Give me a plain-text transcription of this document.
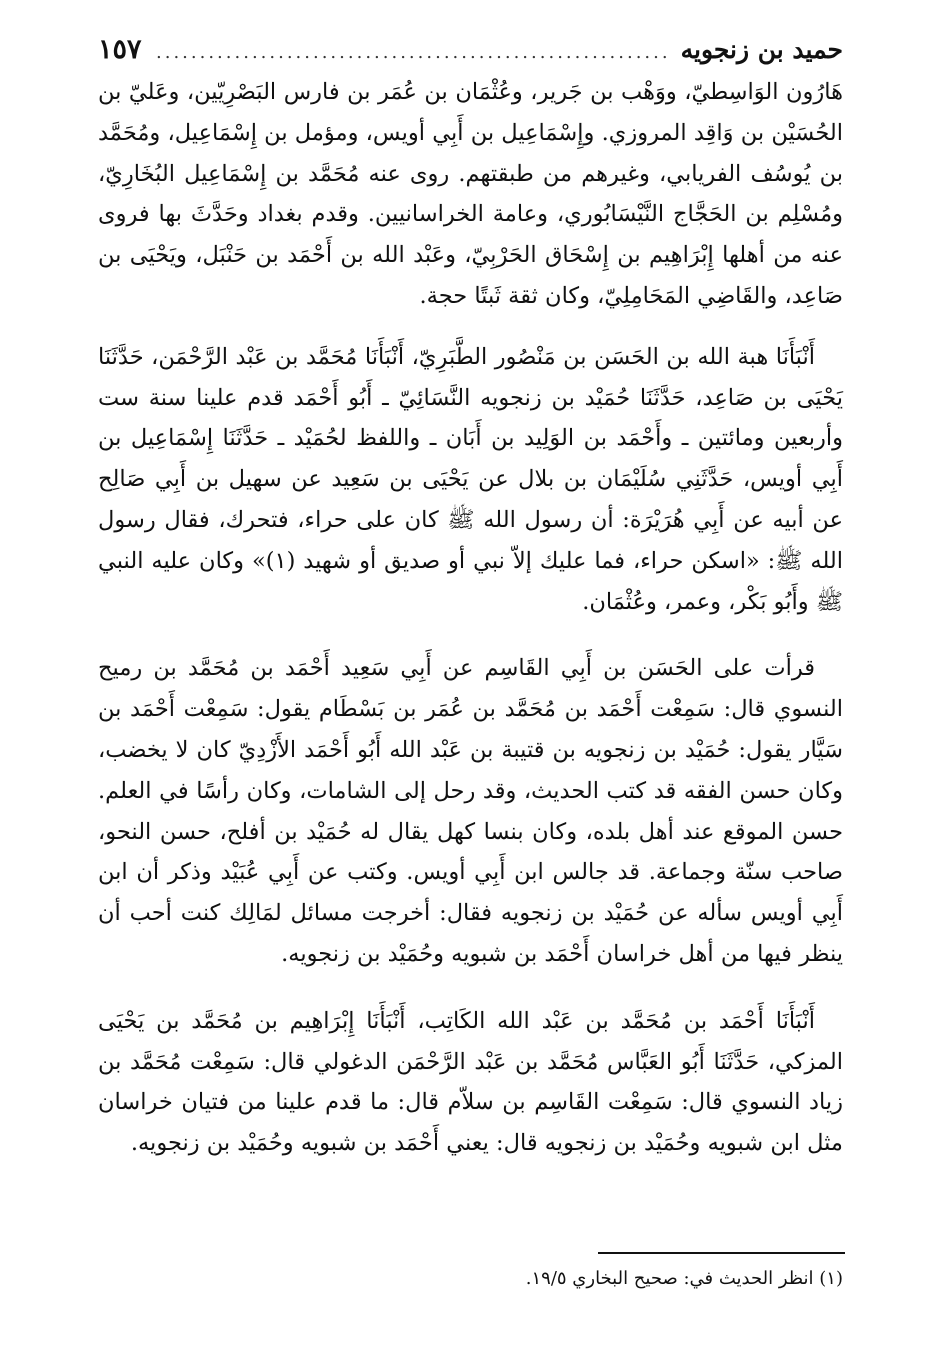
حميد بن زنجويه
.....
١٥٧

هَارُون الوَاسِطيّ، ووَهْب بن جَرير، وعُثْمَان بن عُمَر بن فارس البَصْرِيّين، وعَليّ بن الحُسَيْن بن وَاقِد المروزي. وإِسْمَاعِيل بن أَبِي أويس، ومؤمل بن إِسْمَاعِيل، ومُحَمَّد بن يُوسُف الفريابي، وغيرهم من طبقتهم. روى عنه مُحَمَّد بن إِسْمَاعِيل البُخَارِيّ، ومُسْلِم بن الحَجَّاج النَّيْسَابُوري، وعامة الخراسانيين. وقدم بغداد وحَدَّثَ بها فروى عنه من أهلها إِبْرَاهِيم بن إِسْحَاق الحَرْبِيّ، وعَبْد الله بن أَحْمَد بن حَنْبَل، ويَحْيَى بن صَاعِد، والقَاضِي المَحَامِلِيّ، وكان ثقة ثَبتًا حجة.

أَنْبَأَنَا هبة الله بن الحَسَن بن مَنْصُور الطَّبَرِيّ، أَنْبَأَنَا مُحَمَّد بن عَبْد الرَّحْمَن، حَدَّثَنَا يَحْيَى بن صَاعِد، حَدَّثَنَا حُمَيْد بن زنجويه النَّسَائِيّ ـ أَبُو أَحْمَد قدم علينا سنة ست وأربعين ومائتين ـ وأَحْمَد بن الوَلِيد بن أَبَان ـ واللفظ لحُمَيْد ـ حَدَّثَنَا إِسْمَاعِيل بن أَبِي أويس، حَدَّثَنِي سُلَيْمَان بن بلال عن يَحْيَى بن سَعِيد عن سهيل بن أَبِي صَالِح عن أبيه عن أَبِي هُرَيْرَة: أن رسول الله ﷺ كان على حراء، فتحرك، فقال رسول الله ﷺ: «اسكن حراء، فما عليك إلاّ نبي أو صديق أو شهيد (١)» وكان عليه النبي ﷺ وأَبُو بَكْر، وعمر، وعُثْمَان.

قرأت على الحَسَن بن أَبِي القَاسِم عن أَبِي سَعِيد أَحْمَد بن مُحَمَّد بن رميح النسوي قال: سَمِعْت أَحْمَد بن مُحَمَّد بن عُمَر بن بَسْطَام يقول: سَمِعْت أَحْمَد بن سَيَّار يقول: حُمَيْد بن زنجويه بن قتيبة بن عَبْد الله أَبُو أَحْمَد الأَزْدِيّ كان لا يخضب، وكان حسن الفقه قد كتب الحديث، وقد رحل إلى الشامات، وكان رأسًا في العلم. حسن الموقع عند أهل بلده، وكان بنسا كهل يقال له حُمَيْد بن أفلح، حسن النحو، صاحب سنّة وجماعة. قد جالس ابن أَبِي أويس. وكتب عن أَبِي عُبَيْد وذكر أن ابن أَبِي أويس سأله عن حُمَيْد بن زنجويه فقال: أخرجت مسائل لمَالِك كنت أحب أن ينظر فيها من أهل خراسان أَحْمَد بن شبويه وحُمَيْد بن زنجويه.

أَنْبَأَنَا أَحْمَد بن مُحَمَّد بن عَبْد الله الكَاتِب، أَنْبَأَنَا إِبْرَاهِيم بن مُحَمَّد بن يَحْيَى المزكي، حَدَّثَنَا أَبُو العَبَّاس مُحَمَّد بن عَبْد الرَّحْمَن الدغولي قال: سَمِعْت مُحَمَّد بن زياد النسوي قال: سَمِعْت القَاسِم بن سلاّم قال: ما قدم علينا من فتيان خراسان مثل ابن شبويه وحُمَيْد بن زنجويه قال: يعني أَحْمَد بن شبويه وحُمَيْد بن زنجويه.

(١) انظر الحديث في: صحيح البخاري ١٩/٥.
